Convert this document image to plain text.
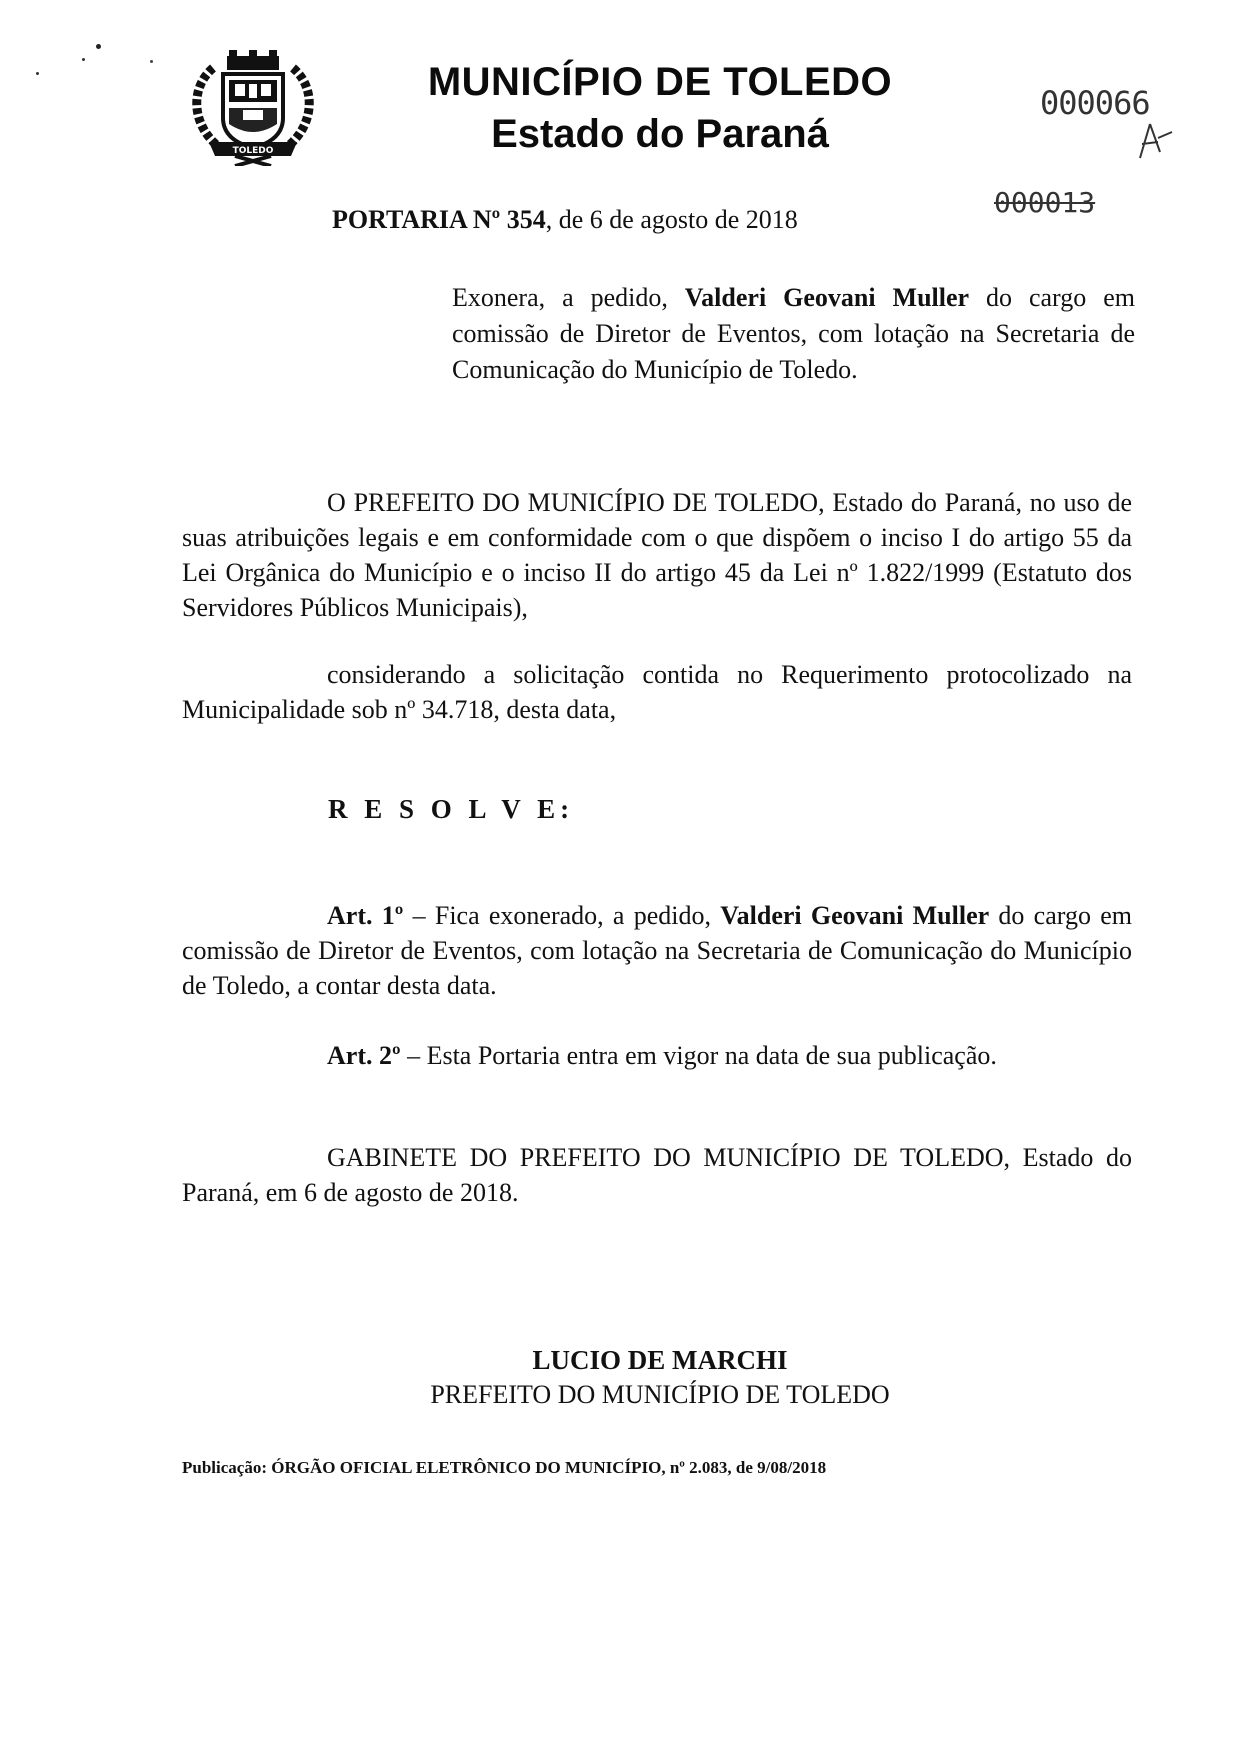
TOLEDO
MUNICÍPIO DE TOLEDO
Estado do Paraná
000066
000013
PORTARIA Nº 354, de 6 de agosto de 2018
Exonera, a pedido, Valderi Geovani Muller do cargo em comissão de Diretor de Eventos, com lotação na Secretaria de Comunicação do Município de Toledo.
O PREFEITO DO MUNICÍPIO DE TOLEDO, Estado do Paraná, no uso de suas atribuições legais e em conformidade com o que dispõem o inciso I do artigo 55 da Lei Orgânica do Município e o inciso II do artigo 45 da Lei nº 1.822/1999 (Estatuto dos Servidores Públicos Municipais),
considerando a solicitação contida no Requerimento protocolizado na Municipalidade sob nº 34.718, desta data,
R E S O L V E:
Art. 1º – Fica exonerado, a pedido, Valderi Geovani Muller do cargo em comissão de Diretor de Eventos, com lotação na Secretaria de Comunicação do Município de Toledo, a contar desta data.
Art. 2º – Esta Portaria entra em vigor na data de sua publicação.
GABINETE DO PREFEITO DO MUNICÍPIO DE TOLEDO, Estado do Paraná, em 6 de agosto de 2018.
LUCIO DE MARCHI
PREFEITO DO MUNICÍPIO DE TOLEDO
Publicação: ÓRGÃO OFICIAL ELETRÔNICO DO MUNICÍPIO, nº 2.083, de 9/08/2018
